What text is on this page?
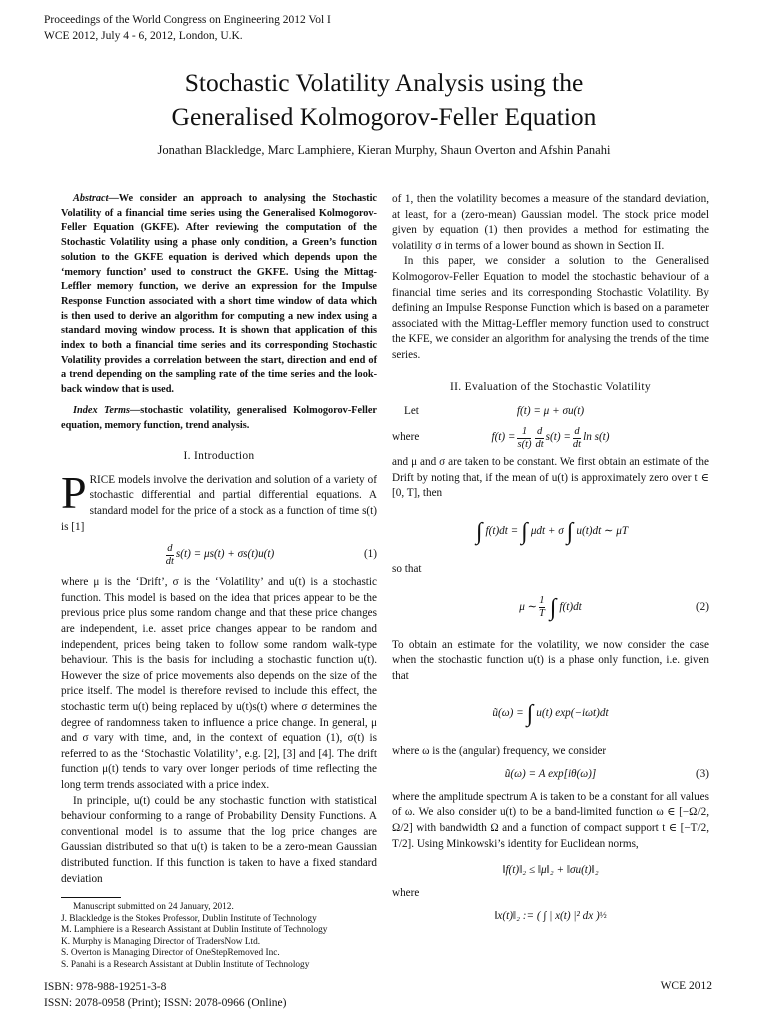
Proceedings of the World Congress on Engineering 2012 Vol I
WCE 2012, July 4 - 6, 2012, London, U.K.
Stochastic Volatility Analysis using the
Generalised Kolmogorov-Feller Equation
Jonathan Blackledge, Marc Lamphiere, Kieran Murphy, Shaun Overton and Afshin Panahi

Abstract—We consider an approach to analysing the Stochastic Volatility of a financial time series using the Generalised Kolmogorov-Feller Equation (GKFE). After reviewing the computation of the Stochastic Volatility using a phase only condition, a Green’s function solution to the GKFE equation is derived which depends upon the ‘memory function’ used to construct the GKFE. Using the Mittag-Leffler memory function, we derive an expression for the Impulse Response Function associated with a short time window of data which is then used to derive an algorithm for computing a new index using a standard moving window process. It is shown that application of this index to both a financial time series and its corresponding Stochastic Volatility provides a correlation between the start, direction and end of a trend depending on the sampling rate of the time series and the look-back window that is used.

Index Terms—stochastic volatility, generalised Kolmogorov-Feller equation, memory function, trend analysis.

I. Introduction

PRICE models involve the derivation and solution of a variety of stochastic differential and partial differential equations. A standard model for the price of a stock as a function of time s(t) is [1]

$\frac{d}{dt} s(t) = \mu s(t) + \sigma s(t)u(t)$	(1)

where μ is the ‘Drift’, σ is the ‘Volatility’ and u(t) is a stochastic function. This model is based on the idea that prices appear to be the previous price plus some random change and that these price changes are independent, i.e. asset price changes appear to be random and independent, prices being taken to follow some random walk-type behaviour. This is the basis for including a stochastic function u(t). However the size of price movements also depends on the size of the price itself. The model is therefore revised to include this effect, the stochastic term u(t) being replaced by u(t)s(t) where σ determines the degree of randomness taken to influence a price change. In general, μ and σ vary with time, and, in the context of equation (1), σ(t) is referred to as the ‘Stochastic Volatility’, e.g. [2], [3] and [4]. The drift function μ(t) tends to vary over longer periods of time reflecting the long term trends associated with a price index.

In principle, u(t) could be any stochastic function with statistical behaviour conforming to a range of Probability Density Functions. A conventional model is to assume that the log price changes are Gaussian distributed so that u(t) is taken to be a zero-mean Gaussian distributed function. If this function is taken to have a fixed standard deviation

Manuscript submitted on 24 January, 2012.
J. Blackledge is the Stokes Professor, Dublin Institute of Technology
M. Lamphiere is a Research Assistant at Dublin Institute of Technology
K. Murphy is Managing Director of TradersNow Ltd.
S. Overton is Managing Director of OneStepRemoved Inc.
S. Panahi is a Research Assistant at Dublin Institute of Technology

of 1, then the volatility becomes a measure of the standard deviation, at least, for a (zero-mean) Gaussian model. The stock price model given by equation (1) then provides a method for estimating the volatility σ in terms of a lower bound as shown in Section II.

In this paper, we consider a solution to the Generalised Kolmogorov-Feller Equation to model the stochastic behaviour of a financial time series and its corresponding Stochastic Volatility. By defining an Impulse Response Function which is based on a parameter associated with the Mittag-Leffler memory function used to construct the KFE, we consider an algorithm for analysing the trends of the time series.

II. Evaluation of the Stochastic Volatility
Let	f(t) = μ + σu(t)
where	$f(t) = \frac{1}{s(t)} \frac{d}{dt} s(t) = \frac{d}{dt}$ ln s(t)

and μ and σ are taken to be constant. We first obtain an estimate of the Drift by noting that, if the mean of u(t) is approximately zero over t ∈ [0, T], then

∫ f(t)dt = ∫ μdt + σ ∫ u(t)dt ∼ μT

so that

μ ∼ $\frac{1}{T}$ ∫ f(t)dt	(2)

To obtain an estimate for the volatility, we now consider the case when the stochastic function u(t) is a phase only function, i.e. given that

ũ(ω) = ∫ u(t) exp(−iωt)dt

where ω is the (angular) frequency, we consider

ũ(ω) = A exp[iθ(ω)]	(3)

where the amplitude spectrum A is taken to be a constant for all values of ω. We also consider u(t) to be a band-limited function ω ∈ [−Ω/2, Ω/2] with bandwidth Ω and a function of compact support t ∈ [−T/2, T/2]. Using Minkowski’s identity for Euclidean norms,

‖f(t)‖₂ ≤ ‖μ‖₂ + ‖σu(t)‖₂

where

‖x(t)‖₂ := ( ∫ | x(t) |² dx ) ½
ISBN: 978-988-19251-3-8
ISSN: 2078-0958 (Print); ISSN: 2078-0966 (Online)
WCE 2012
